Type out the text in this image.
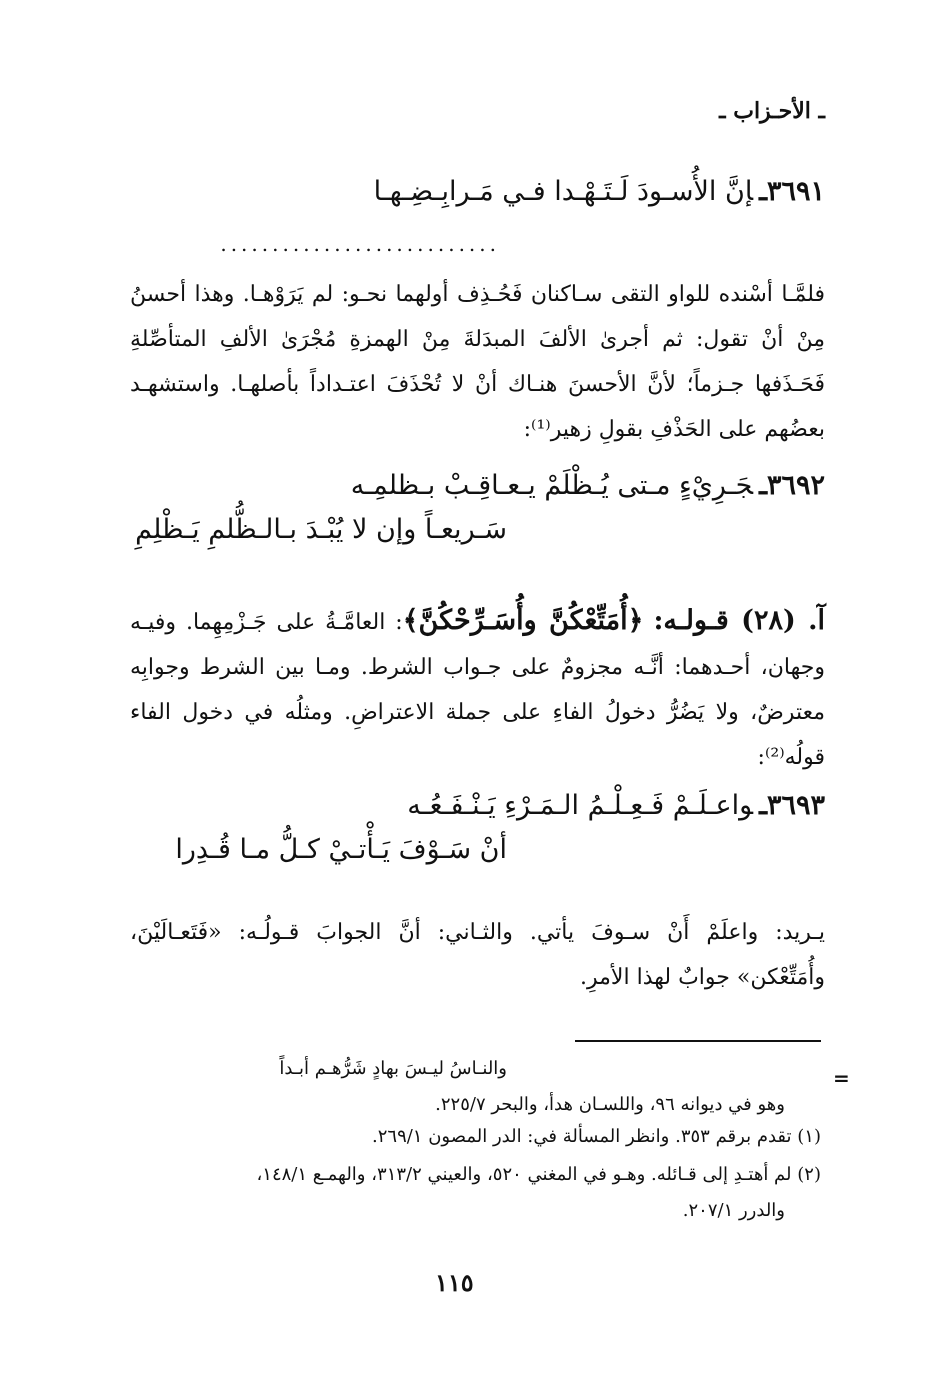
ـ الأحـزاب ـ
٣٦٩١ـإنَّ الأُسـودَ لَـتَـهْـدا فـي مَـرابِـضِـهـا
...........................
فلمَّـا أسْنده للواو التقى سـاكنان فَحُـذِف أولهما نحـو: لم يَرَوْهـا. وهذا أحسنُ مِنْ أنْ تقول: ثم أجرىٰ الألفَ المبدَلةَ مِنْ الهمزةِ مُجْرَىٰ الألفِ المتأصِّلةِ فَحَـذَفها جـزماً؛ لأنَّ الأحسنَ هنـاك أنْ لا تُحْذَفَ اعتـداداً بأصلهـا. واستشهـد بعضُهم على الحَذْفِ بقولِ زهير⁽¹⁾:
٣٦٩٢ـجَـرِيْءٍ مـتى يُـظْلَمْ يـعـاقِـبْ بـظلمِـه
سَـريعـاً وإن لا يُبْـدَ بـالـظُّلمِ يَـظْلِمِ
آ. (٢٨) قـولـه: ﴿أُمَتِّعْكُنَّ وأُسَـرِّحْكُنَّ﴾: العامَّـةُ على جَـزْمِهِما. وفيـه وجهان، أحـدهما: أنَّـه مجزومٌ على جـواب الشرط. ومـا بين الشرط وجوابِه معترضٌ، ولا يَضُرُّ دخولُ الفاءِ على جملة الاعتراضِ. ومثلُه في دخول الفاء قولُه⁽²⁾:
٣٦٩٣ـواعـلَـمْ فَـعِـلْـمُ الـمَـرْءِ يَـنْـفَـعُـه
أنْ سَـوْفَ يَـأْتـيْ كـلُّ مـا قُـدِرا
يـريد: واعلَمْ أَنْ سـوفَ يأتي. والثـاني: أنَّ الجوابَ قـولُـه: «فَتَعـالَيْنَ، وأُمَتِّعْكن» جوابٌ لهذا الأمرِ.
=
والنـاسُ ليـسَ بهادٍ شَرُّهـم أبـداً
وهو في ديوانه ٩٦، واللسـان هدأ، والبحر ٢٢٥/٧.
(١) تقدم برقم ٣٥٣. وانظر المسألة في: الدر المصون ٢٦٩/١.
(٢) لم أهتـدِ إلى قـائله. وهـو في المغني ٥٢٠، والعيني ٣١٣/٢، والهمـع ١٤٨/١،
والدرر ٢٠٧/١.
١١٥
